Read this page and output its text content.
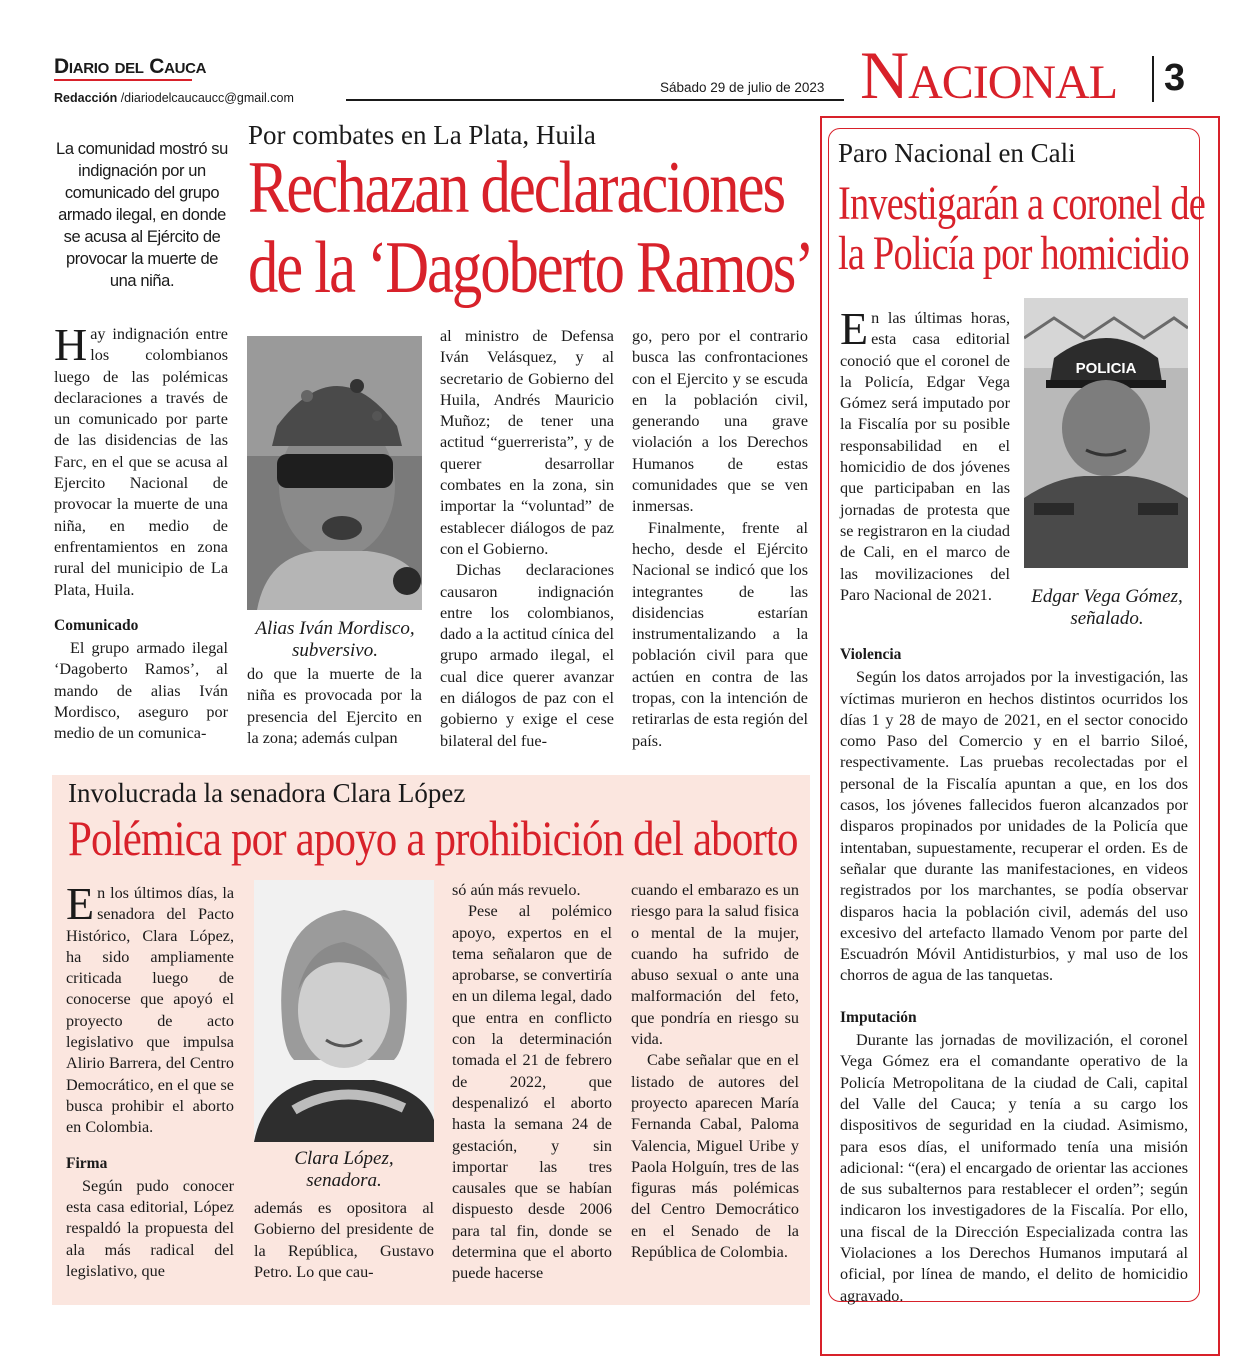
Diario del Cauca
Redacción /diariodelcaucaucc@gmail.com
Sábado 29 de julio de 2023 Nacional 3
Por combates en La Plata, Huila
Rechazan declaraciones
de la ‘Dagoberto Ramos’
La comunidad mostró su indignación por un comunicado del grupo armado ilegal, en donde se acusa al Ejército de provocar la muerte de una niña.

Hay indignación entre los colombianos luego de las polémicas declaraciones a través de un comunicado por parte de las disidencias de las Farc, en el que se acusa al Ejercito Nacional de provocar la muerte de una niña, en medio de enfrentamientos en zona rural del municipio de La Plata, Huila.

Comunicado

El grupo armado ilegal ‘Dagoberto Ramos’, al mando de alias Iván Mordisco, aseguro por medio de un comunica-

Alias Iván Mordisco,
subversivo.

do que la muerte de la niña es provocada por la presencia del Ejercito en la zona; además culpan

al ministro de Defensa Iván Velásquez, y al secretario de Gobierno del Huila, Andrés Mauricio Muñoz; de tener una actitud “guerrerista”, y de querer desarrollar combates en la zona, sin importar la “voluntad” de establecer diálogos de paz con el Gobierno.

Dichas declaraciones causaron indignación entre los colombianos, dado a la actitud cínica del grupo armado ilegal, el cual dice querer avanzar en diálogos de paz con el gobierno y exige el cese bilateral del fue-

go, pero por el contrario busca las confrontaciones con el Ejercito y se escuda en la población civil, generando una grave violación a los Derechos Humanos de estas comunidades que se ven inmersas.

Finalmente, frente al hecho, desde el Ejército Nacional se indicó que los integrantes de las disidencias estarían instrumentalizando a la población civil para que actúen en contra de las tropas, con la intención de retirarlas de esta región del país.

Involucrada la senadora Clara López
Polémica por apoyo a prohibición del aborto

En los últimos días, la senadora del Pacto Histórico, Clara López, ha sido ampliamente criticada luego de conocerse que apoyó el proyecto de acto legislativo que impulsa Alirio Barrera, del Centro Democrático, en el que se busca prohibir el aborto en Colombia.

Firma

Según pudo conocer esta casa editorial, López respaldó la propuesta del ala más radical del legislativo, que

Clara López,
senadora.

además es opositora al Gobierno del presidente de la República, Gustavo Petro. Lo que cau-

só aún más revuelo.

Pese al polémico apoyo, expertos en el tema señalaron que de aprobarse, se convertiría en un dilema legal, dado que entra en conflicto con la determinación tomada el 21 de febrero de 2022, que despenalizó el aborto hasta la semana 24 de gestación, y sin importar las tres causales que se habían dispuesto desde 2006 para tal fin, donde se determina que el aborto puede hacerse

cuando el embarazo es un riesgo para la salud fisica o mental de la mujer, cuando ha sufrido de abuso sexual o ante una malformación del feto, que pondría en riesgo su vida.

Cabe señalar que en el listado de autores del proyecto aparecen María Fernanda Cabal, Paloma Valencia, Miguel Uribe y Paola Holguín, tres de las figuras más polémicas del Centro Democrático en el Senado de la República de Colombia.

Paro Nacional en Cali
Investigarán a coronel de
la Policía por homicidio

En las últimas horas, esta casa editorial conoció que el coronel de la Policía, Edgar Vega Gómez será imputado por la Fiscalía por su posible responsabilidad en el homicidio de dos jóvenes que participaban en las jornadas de protesta que se registraron en la ciudad de Cali, en el marco de las movilizaciones del Paro Nacional de 2021.

POLICIA
Edgar Vega Gómez,
señalado.
Violencia

Según los datos arrojados por la investigación, las víctimas murieron en hechos distintos ocurridos los días 1 y 28 de mayo de 2021, en el sector conocido como Paso del Comercio y en el barrio Siloé, respectivamente. Las pruebas recolectadas por el personal de la Fiscalía apuntan a que, en los dos casos, los jóvenes fallecidos fueron alcanzados por disparos propinados por unidades de la Policía que intentaban, supuestamente, recuperar el orden. Es de señalar que durante las manifestaciones, en videos registrados por los marchantes, se podía observar disparos hacia la población civil, además del uso excesivo del artefacto llamado Venom por parte del Escuadrón Móvil Antidisturbios, y mal uso de los chorros de agua de las tanquetas.

Imputación

Durante las jornadas de movilización, el coronel Vega Gómez era el comandante operativo de la Policía Metropolitana de la ciudad de Cali, capital del Valle del Cauca; y tenía a su cargo los dispositivos de seguridad en la ciudad. Asimismo, para esos días, el uniformado tenía una misión adicional: “(era) el encargado de orientar las acciones de sus subalternos para restablecer el orden”; según indicaron los investigadores de la Fiscalía. Por ello, una fiscal de la Dirección Especializada contra las Violaciones a los Derechos Humanos imputará al oficial, por línea de mando, el delito de homicidio agravado.
